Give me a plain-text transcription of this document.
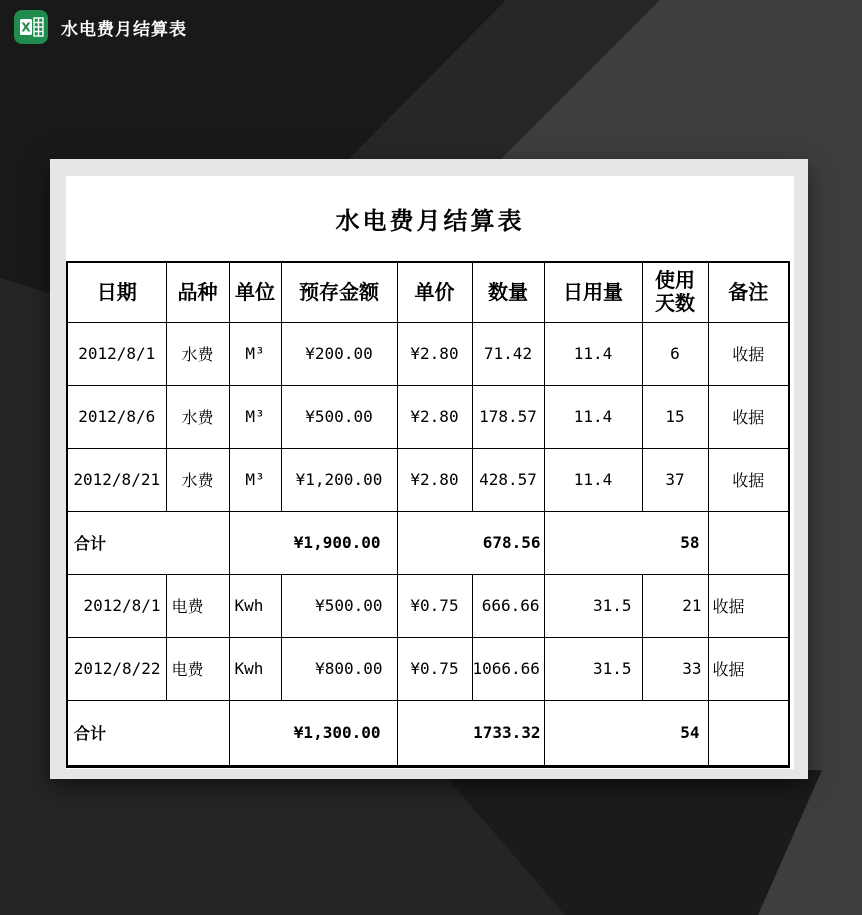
X 水电费月结算表
水电费月结算表
日期	品种	单位	预存金额	单价	数量	日用量	使用天数	备注
2012/8/1	水费	M³	¥200.00	¥2.80	71.42	11.4	6	收据
2012/8/6	水费	M³	¥500.00	¥2.80	178.57	11.4	15	收据
2012/8/21	水费	M³	¥1,200.00	¥2.80	428.57	11.4	37	收据
合计		¥1,900.00		678.56		58		
2012/8/1	电费	Kwh	¥500.00	¥0.75	666.66	31.5	21	收据
2012/8/22	电费	Kwh	¥800.00	¥0.75	1066.66	31.5	33	收据
合计		¥1,300.00		1733.32		54		
